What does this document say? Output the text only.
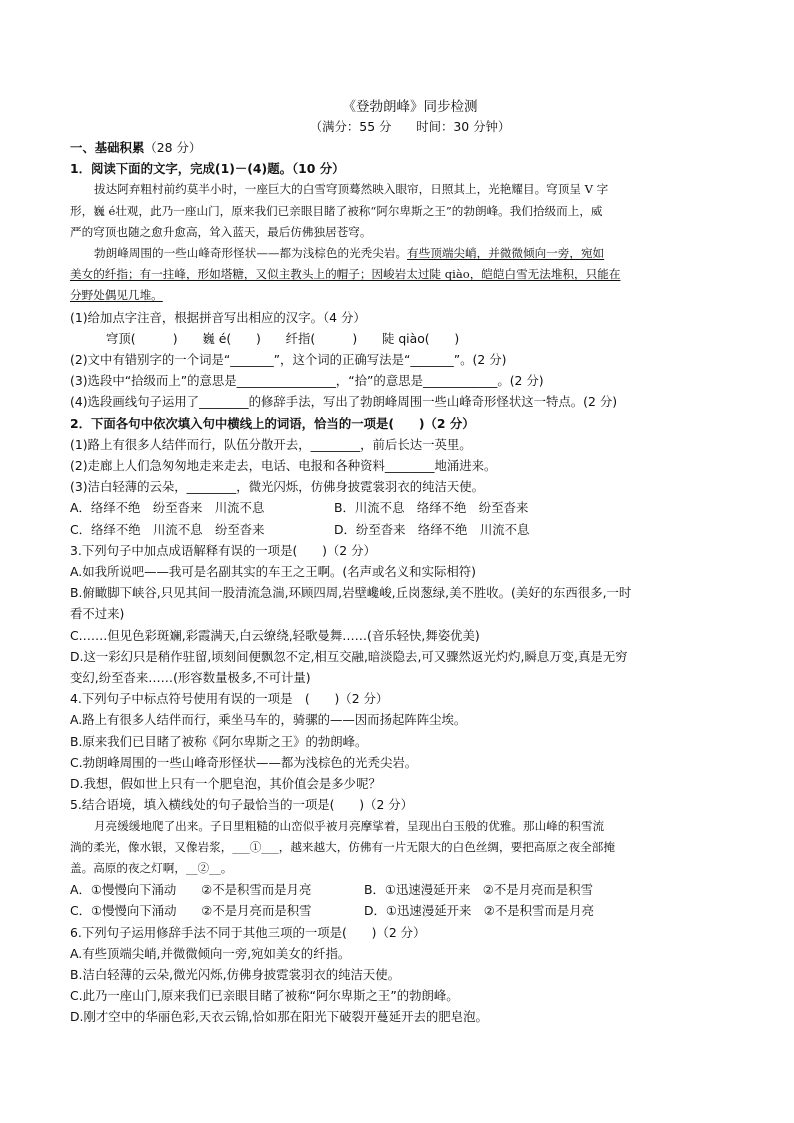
《登勃朗峰》同步检测
（满分：55 分　　时间：30 分钟）
一、基础积累（28 分）
1．阅读下面的文字，完成(1)－(4)题。（10 分）
拔达阿弃粗村前约莫半小时，一座巨大的白雪穹顶蓦然映入眼帘，日照其上，光艳耀目。穹顶呈 V 字
形，巍 é壮观，此乃一座山门，原来我们已亲眼目睹了被称“阿尔卑斯之王”的勃朗峰。我们拾级而上，威
严的穹顶也随之愈升愈高，耸入蓝天，最后仿佛独居苍穹。
勃朗峰周围的一些山峰奇形怪状——都为浅棕色的光秃尖岩。有些顶端尖峭，并微微倾向一旁，宛如
美女的纤指；有一拄峰，形如塔糖，又似主教头上的帽子；因峻岩太过陡 qiào，皑皑白雪无法堆积，只能在
分野处偶见几堆。
(1)给加点字注音，根据拼音写出相应的汉字。（4 分）
穹顶(　　　)　　巍 é(　　)　　纤指(　　　)　　陡 qiào(　　)
(2)文中有错别字的一个词是“_______”，这个词的正确写法是“_______”。(2 分)
(3)选段中“拾级而上”的意思是________________，“拾”的意思是____________。(2 分)
(4)选段画线句子运用了________的修辞手法，写出了勃朗峰周围一些山峰奇形怪状这一特点。(2 分)
2．下面各句中依次填入句中横线上的词语，恰当的一项是(　　)（2 分）
(1)路上有很多人结伴而行，队伍分散开去，________，前后长达一英里。
(2)走廊上人们急匆匆地走来走去，电话、电报和各种资料________地涌进来。
(3)洁白轻薄的云朵，________，微光闪烁，仿佛身披霓裳羽衣的纯洁天使。
A．络绎不绝　纷至沓来　川流不息	B．川流不息　络绎不绝　纷至沓来
C．络绎不绝　川流不息　纷至沓来	D．纷至沓来　络绎不绝　川流不息
3.下列句子中加点成语解释有误的一项是(　　)（2 分）
A.如我所说吧——我可是名副其实的车王之王啊。(名声或名义和实际相符)
B.俯瞰脚下峡谷,只见其间一股清流急湍,环顾四周,岩壁巉峻,丘岗葱绿,美不胜收。(美好的东西很多,一时
看不过来)
C.……但见色彩斑斓,彩霞满天,白云缭绕,轻歌曼舞……(音乐轻快,舞姿优美)
D.这一彩幻只是稍作驻留,顷刻间便飘忽不定,相互交融,暗淡隐去,可又骤然返光灼灼,瞬息万变,真是无穷
变幻,纷至沓来……(形容数量极多,不可计量)
4.下列句子中标点符号使用有误的一项是　(　　)（2 分）
A.路上有很多人结伴而行，乘坐马车的，骑骡的——因而扬起阵阵尘埃。
B.原来我们已目睹了被称《阿尔卑斯之王》的勃朗峰。
C.勃朗峰周围的一些山峰奇形怪状——都为浅棕色的光秃尖岩。
D.我想，假如世上只有一个肥皂泡，其价值会是多少呢？
5.结合语境，填入横线处的句子最恰当的一项是(　　)（2 分）
月亮缓缓地爬了出来。子日里粗糙的山峦似乎被月亮摩挲着，呈现出白玉般的优雅。那山峰的积雪流
淌的柔光，像水银，又像岩浆，___①___，越来越大，仿佛有一片无限大的白色丝绸，要把高原之夜全部掩
盖。高原的夜之灯啊，__②__。
A．①慢慢向下涌动　　②不是积雪而是月亮	B．①迅速漫延开来　②不是月亮而是积雪
C．①慢慢向下涌动　　②不是月亮而是积雪	D．①迅速漫延开来　②不是积雪而是月亮
6.下列句子运用修辞手法不同于其他三项的一项是(　　)（2 分）
A.有些顶端尖峭,并微微倾向一旁,宛如美女的纤指。
B.洁白轻薄的云朵,微光闪烁,仿佛身披霓裳羽衣的纯洁天使。
C.此乃一座山门,原来我们已亲眼目睹了被称“阿尔卑斯之王”的勃朗峰。
D.刚才空中的华丽色彩,天衣云锦,恰如那在阳光下破裂开蔓延开去的肥皂泡。
